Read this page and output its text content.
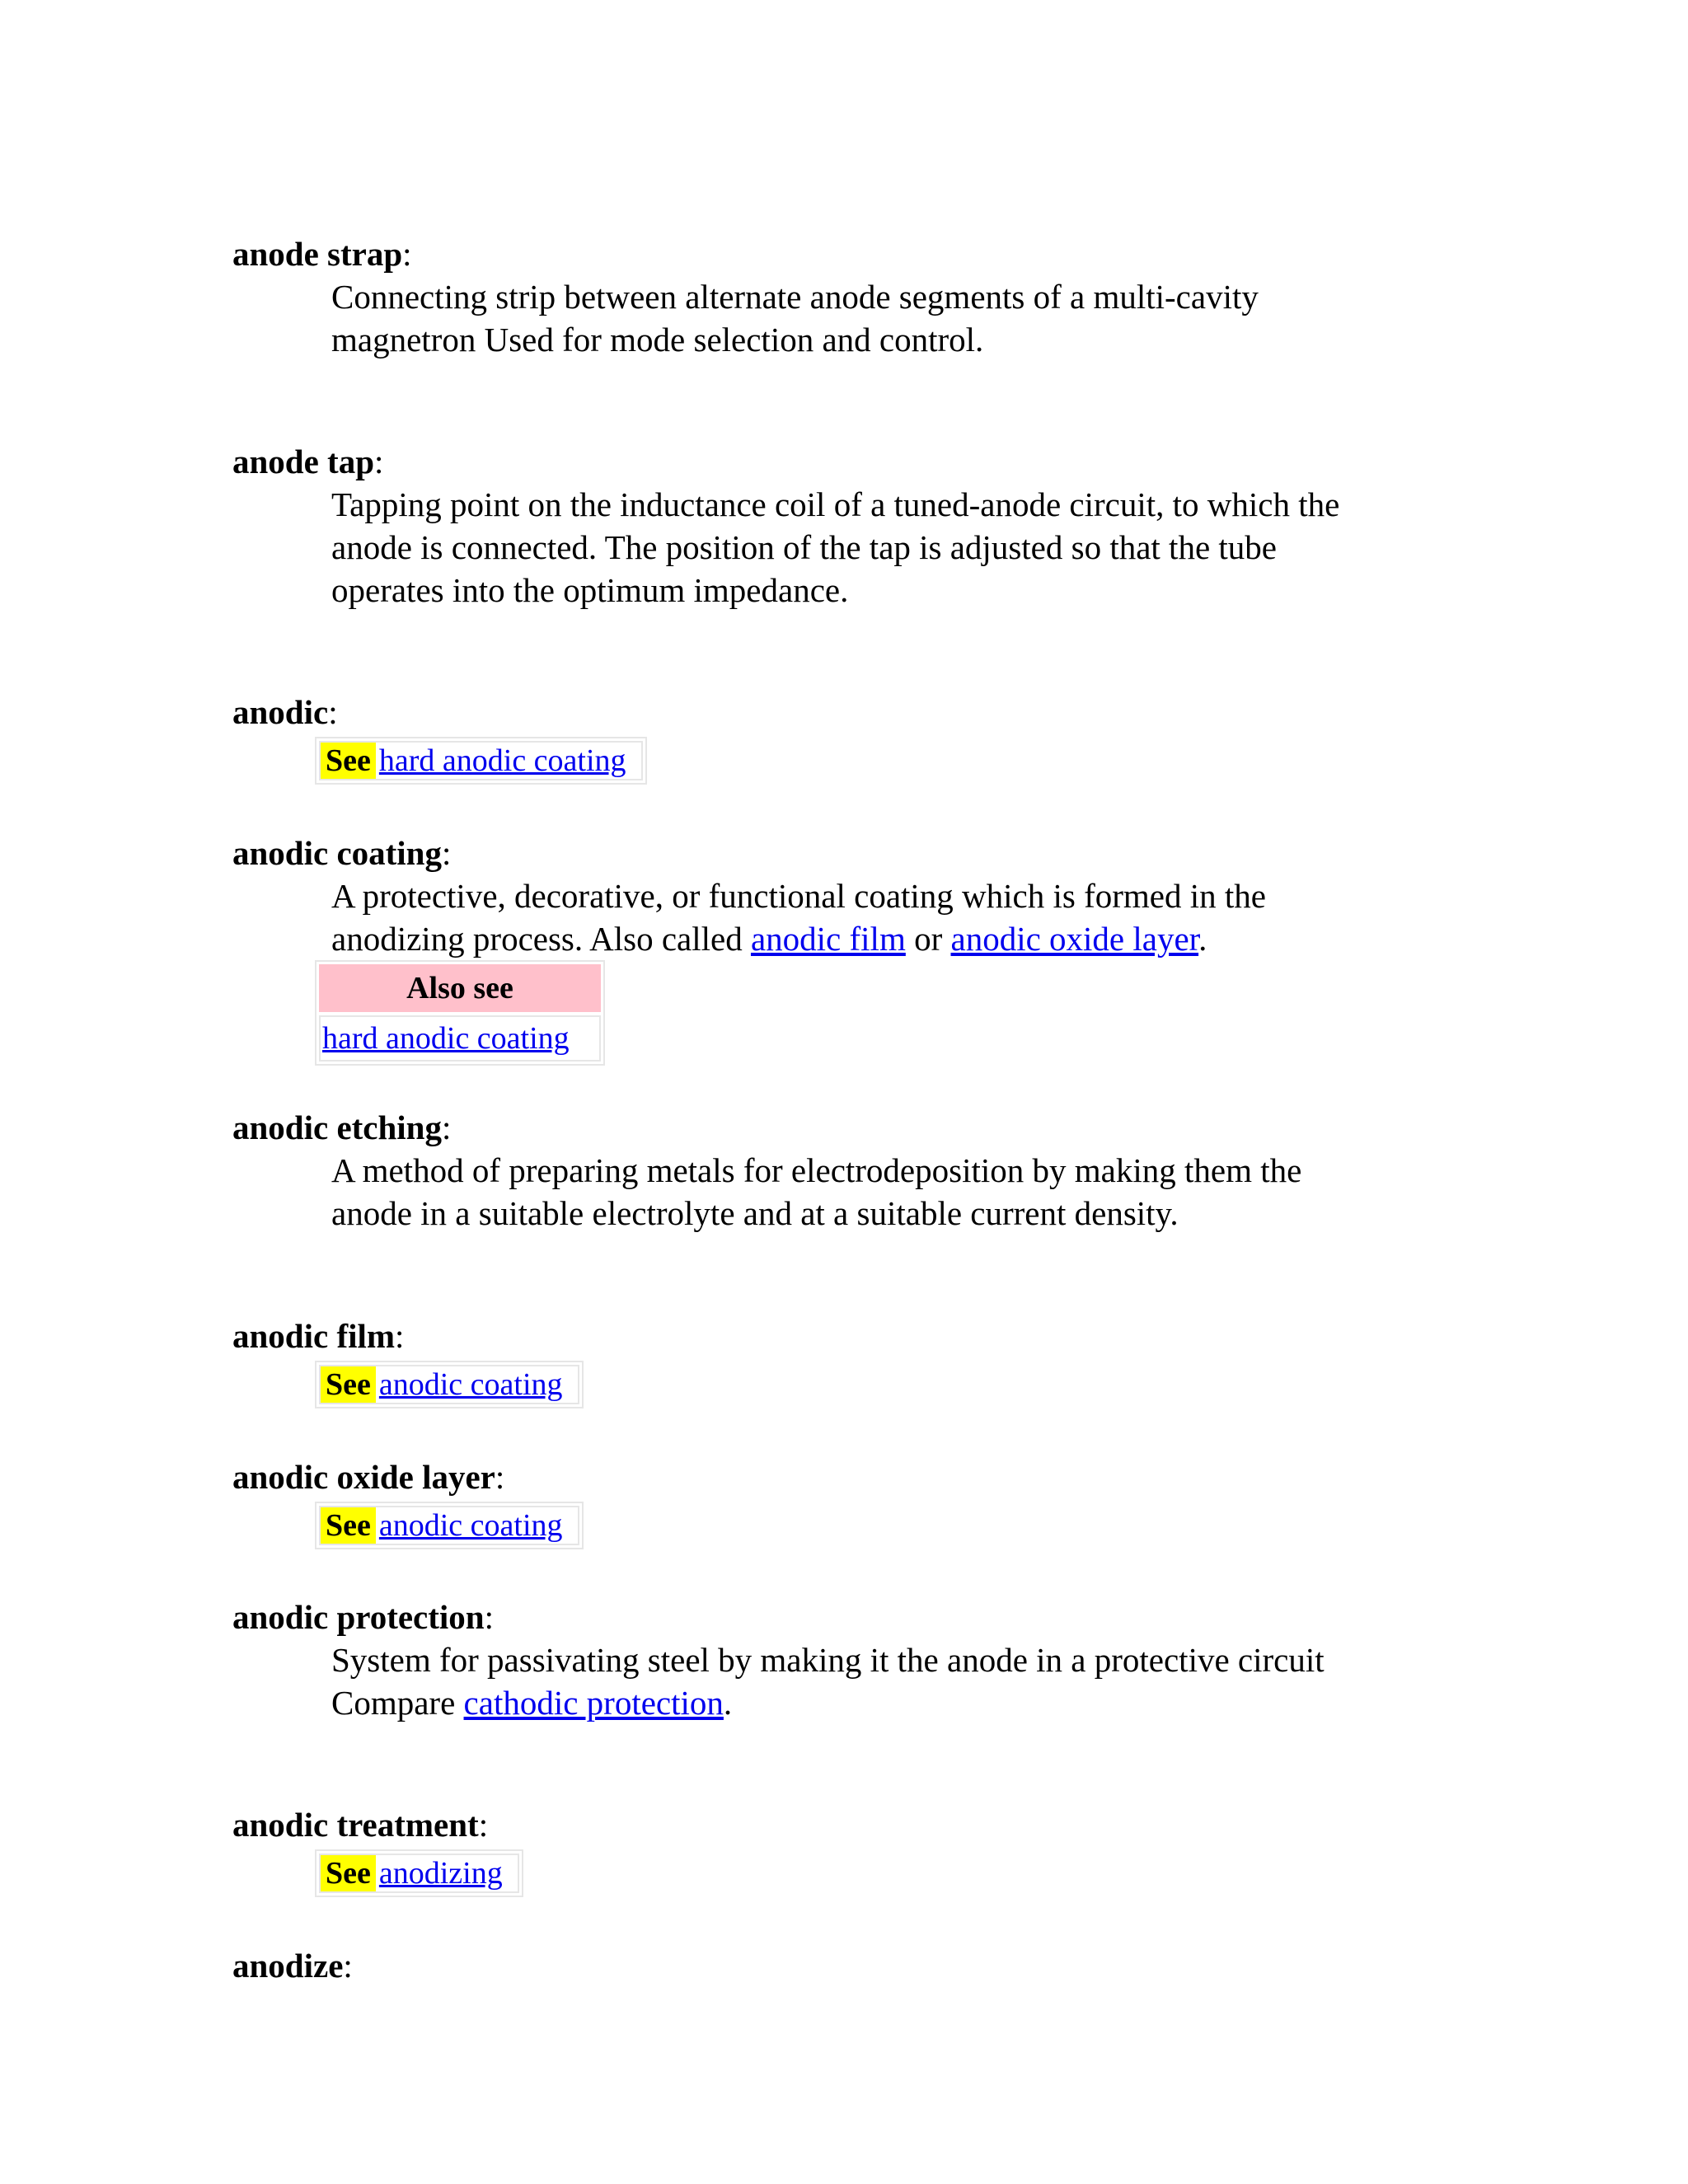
anode strap:

Connecting strip between alternate anode segments of a multi-cavity

magnetron Used for mode selection and control.

anode tap:

Tapping point on the inductance coil of a tuned-anode circuit, to which the

anode is connected. The position of the tap is adjusted so that the tube

operates into the optimum impedance.

anodic:
See hard anodic coating
anodic coating:

A protective, decorative, or functional coating which is formed in the

anodizing process. Also called anodic film or anodic oxide layer.

Also see
hard anodic coating
anodic etching:

A method of preparing metals for electrodeposition by making them the

anode in a suitable electrolyte and at a suitable current density.

anodic film:
See anodic coating
anodic oxide layer:
See anodic coating
anodic protection:

System for passivating steel by making it the anode in a protective circuit

Compare cathodic protection.

anodic treatment:
See anodizing
anodize:
